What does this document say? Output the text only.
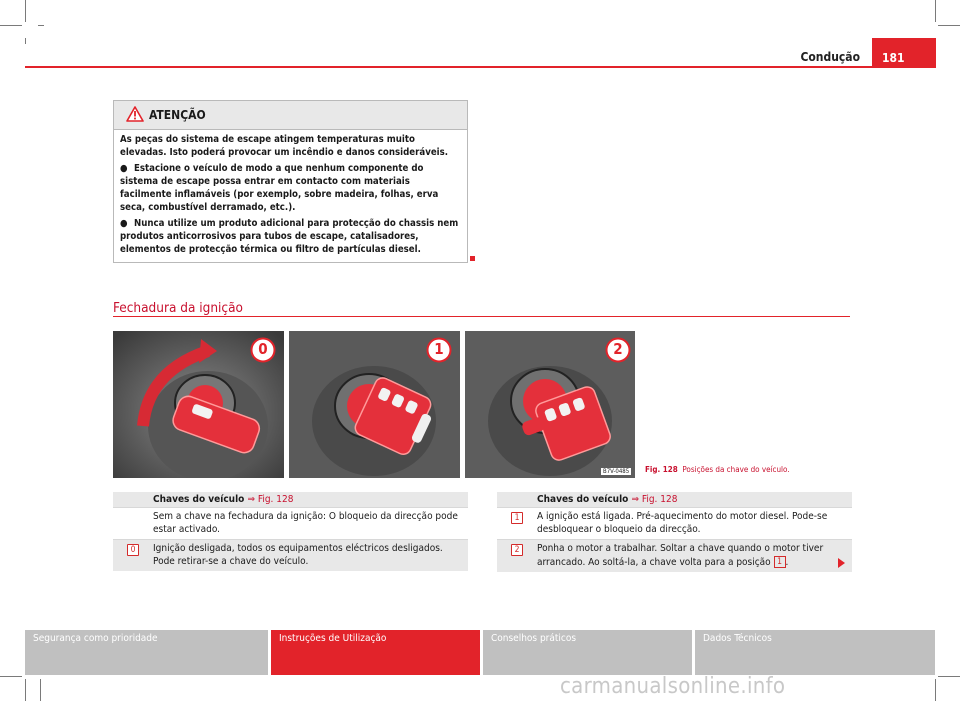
Condução	181
ATENÇÃO

As peças do sistema de escape atingem temperaturas muito elevadas. Isto poderá provocar um incêndio e danos consideráveis.

● Estacione o veículo de modo a que nenhum componente do sistema de escape possa entrar em contacto com materiais facilmente inflamáveis (por exemplo, sobre madeira, folhas, erva seca, combustível derramado, etc.).

● Nunca utilize um produto adicional para protecção do chassis nem produtos anticorrosivos para tubos de escape, catalisadores, elementos de protecção térmica ou filtro de partículas diesel.

Fechadura da ignição
0	1	2
B7V-0485 Fig. 128 Posições da chave do veículo.
Chaves do veículo ⇒ Fig. 128
Sem a chave na fechadura da ignição: O bloqueio da direcção pode estar activado.
0	Ignição desligada, todos os equipamentos eléctricos desligados. Pode retirar-se a chave do veículo.
Chaves do veículo ⇒ Fig. 128
1	A ignição está ligada. Pré-aquecimento do motor diesel. Pode-se desbloquear o bloqueio da direcção.
2	Ponha o motor a trabalhar. Soltar a chave quando o motor tiver arrancado. Ao soltá-la, a chave volta para a posição 1 .
Segurança como prioridade	Instruções de Utilização	Conselhos práticos	Dados Técnicos
carmanualsonline.info
